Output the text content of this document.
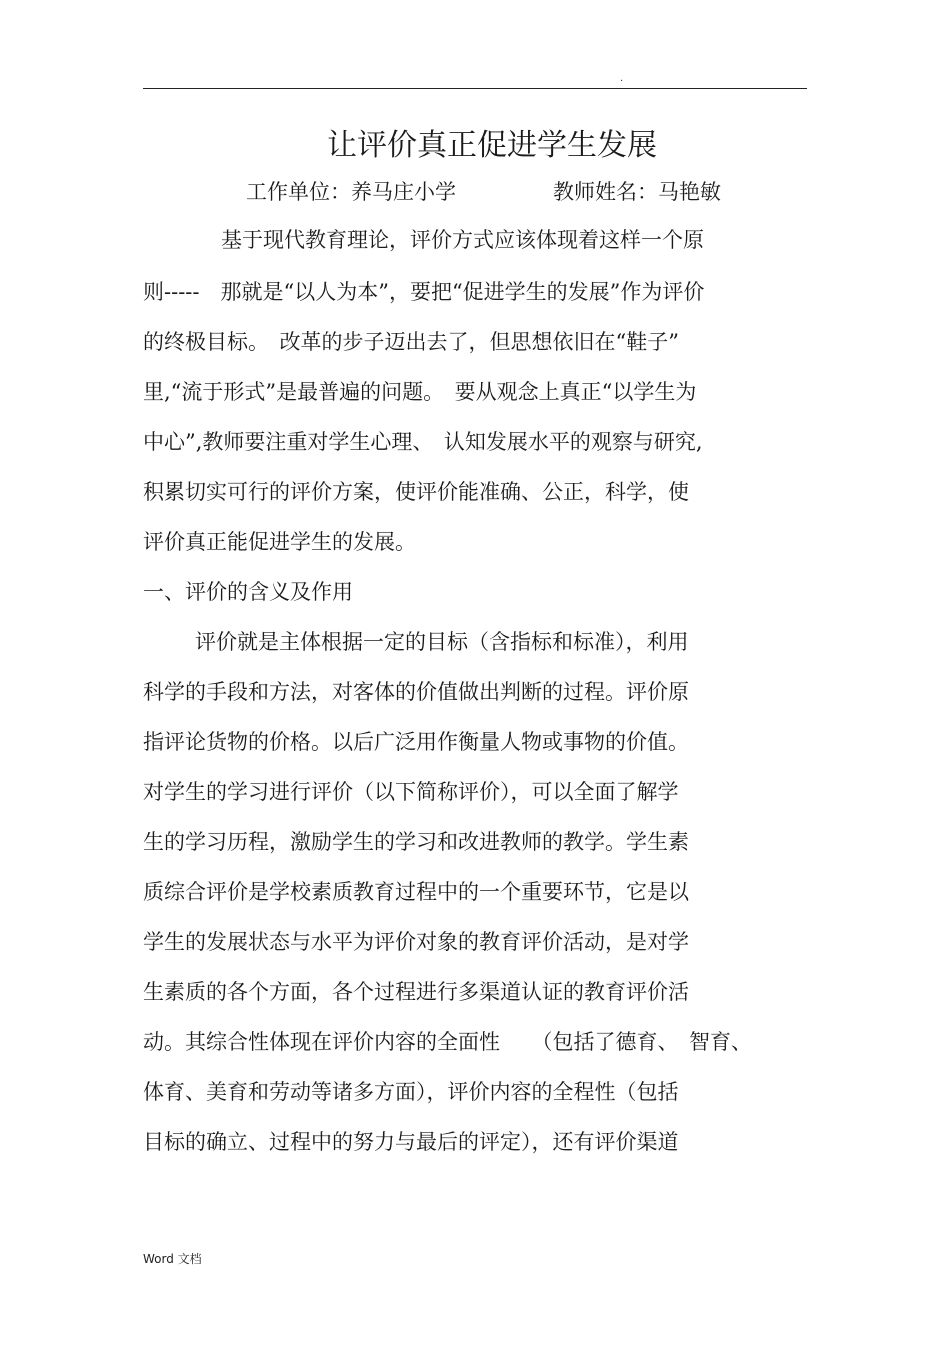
.
让评价真正促进学生发展
工作单位：养马庄小学	教师姓名：马艳敏
基于现代教育理论，评价方式应该体现着这样一个原
则-----　那就是“以人为本”，要把“促进学生的发展”作为评价
的终极目标。　改革的步子迈出去了，但思想依旧在“鞋子”
里,“流于形式”是最普遍的问题。　要从观念上真正“以学生为
中心”,教师要注重对学生心理、　认知发展水平的观察与研究,
积累切实可行的评价方案，使评价能准确、公正，科学，使
评价真正能促进学生的发展。
一、评价的含义及作用
评价就是主体根据一定的目标（含指标和标准），利用
科学的手段和方法，对客体的价值做出判断的过程。评价原
指评论货物的价格。以后广泛用作衡量人物或事物的价值。
对学生的学习进行评价（以下简称评价），可以全面了解学
生的学习历程，激励学生的学习和改进教师的教学。学生素
质综合评价是学校素质教育过程中的一个重要环节，它是以
学生的发展状态与水平为评价对象的教育评价活动，是对学
生素质的各个方面，各个过程进行多渠道认证的教育评价活
动。其综合性体现在评价内容的全面性　　（包括了德育、　智育、
体育、美育和劳动等诸多方面），评价内容的全程性（包括
目标的确立、过程中的努力与最后的评定），还有评价渠道
Word 文档
